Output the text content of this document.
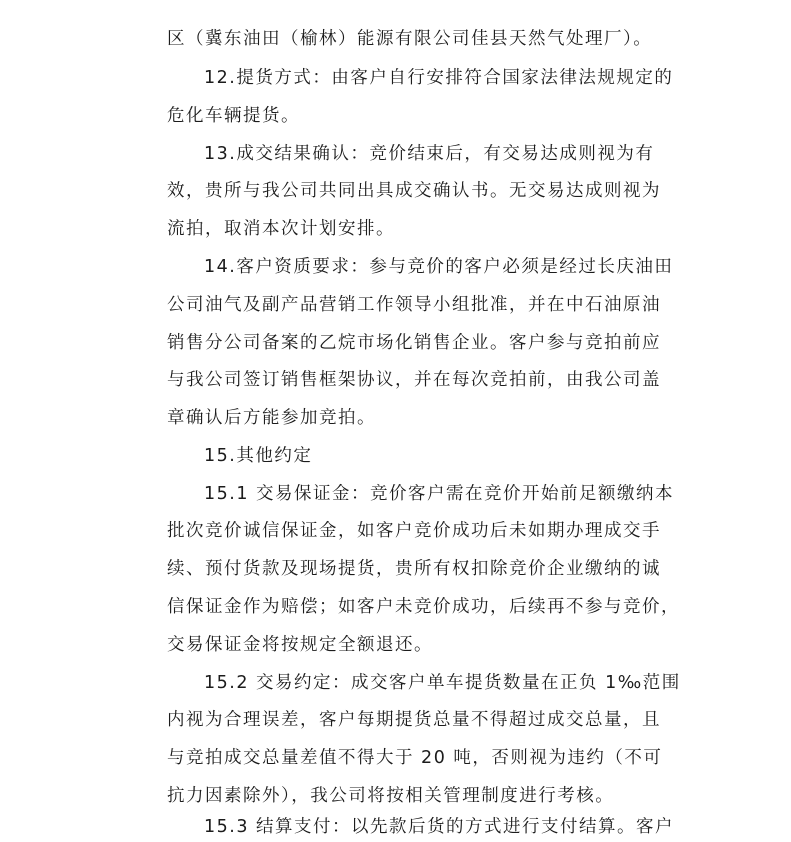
区（冀东油田（榆林）能源有限公司佳县天然气处理厂）。
12.提货方式：由客户自行安排符合国家法律法规规定的
危化车辆提货。
13.成交结果确认：竞价结束后，有交易达成则视为有
效，贵所与我公司共同出具成交确认书。无交易达成则视为
流拍，取消本次计划安排。
14.客户资质要求：参与竞价的客户必须是经过长庆油田
公司油气及副产品营销工作领导小组批准，并在中石油原油
销售分公司备案的乙烷市场化销售企业。客户参与竞拍前应
与我公司签订销售框架协议，并在每次竞拍前，由我公司盖
章确认后方能参加竞拍。
15.其他约定
15.1 交易保证金：竞价客户需在竞价开始前足额缴纳本
批次竞价诚信保证金，如客户竞价成功后未如期办理成交手
续、预付货款及现场提货，贵所有权扣除竞价企业缴纳的诚
信保证金作为赔偿；如客户未竞价成功，后续再不参与竞价，
交易保证金将按规定全额退还。
15.2 交易约定：成交客户单车提货数量在正负 1‰范围
内视为合理误差，客户每期提货总量不得超过成交总量，且
与竞拍成交总量差值不得大于 20 吨，否则视为违约（不可
抗力因素除外），我公司将按相关管理制度进行考核。
15.3 结算支付：以先款后货的方式进行支付结算。客户
